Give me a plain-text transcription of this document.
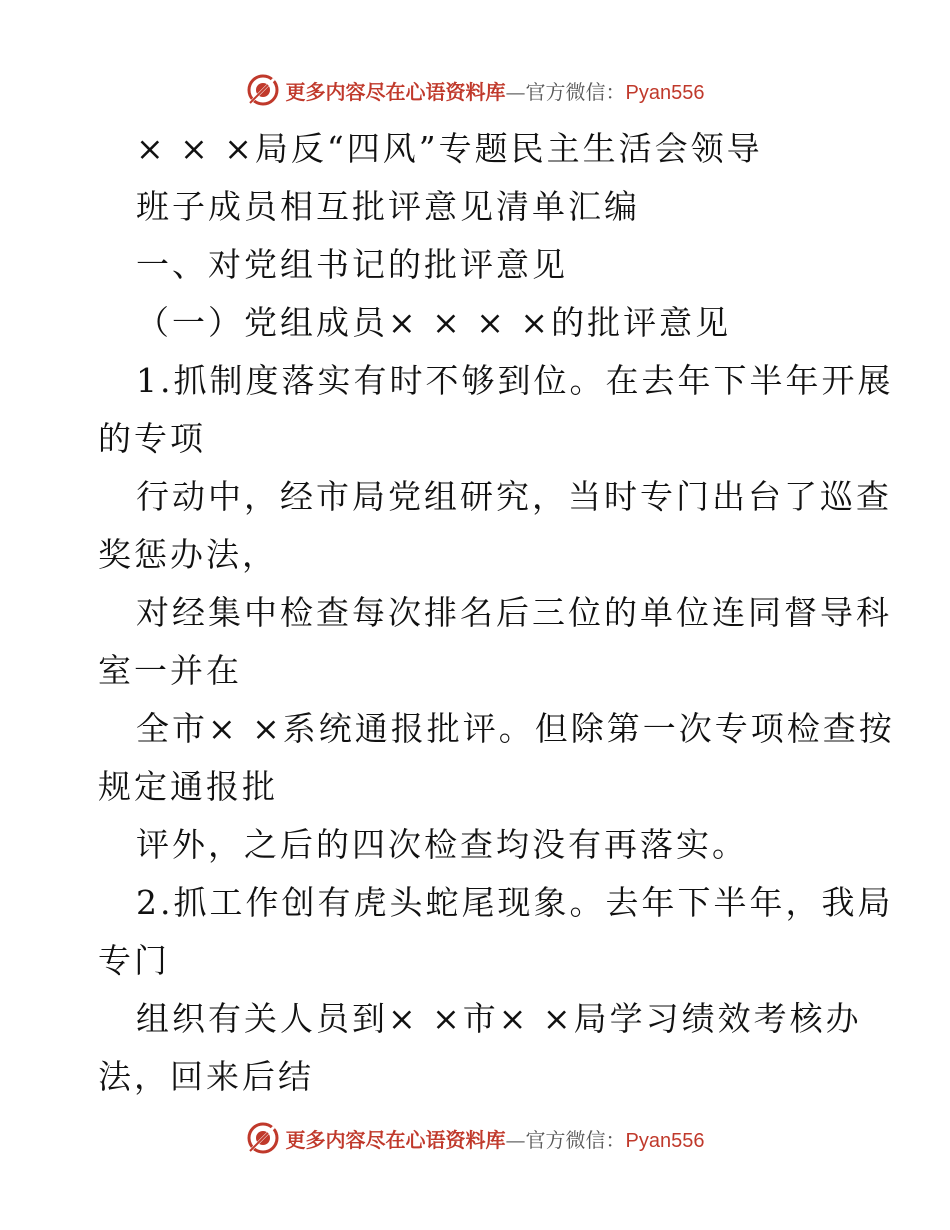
更多内容尽在心语资料库—官方微信：Pyan556
× × ×局反“四风”专题民主生活会领导
班子成员相互批评意见清单汇编
一、对党组书记的批评意见
（一）党组成员× × × ×的批评意见
1.抓制度落实有时不够到位。在去年下半年开展
的专项
行动中，经市局党组研究，当时专门出台了巡查
奖惩办法，
对经集中检查每次排名后三位的单位连同督导科
室一并在
全市× ×系统通报批评。但除第一次专项检查按
规定通报批
评外，之后的四次检查均没有再落实。
2.抓工作创有虎头蛇尾现象。去年下半年，我局
专门
组织有关人员到× ×市× ×局学习绩效考核办
法，回来后结
更多内容尽在心语资料库—官方微信：Pyan556
